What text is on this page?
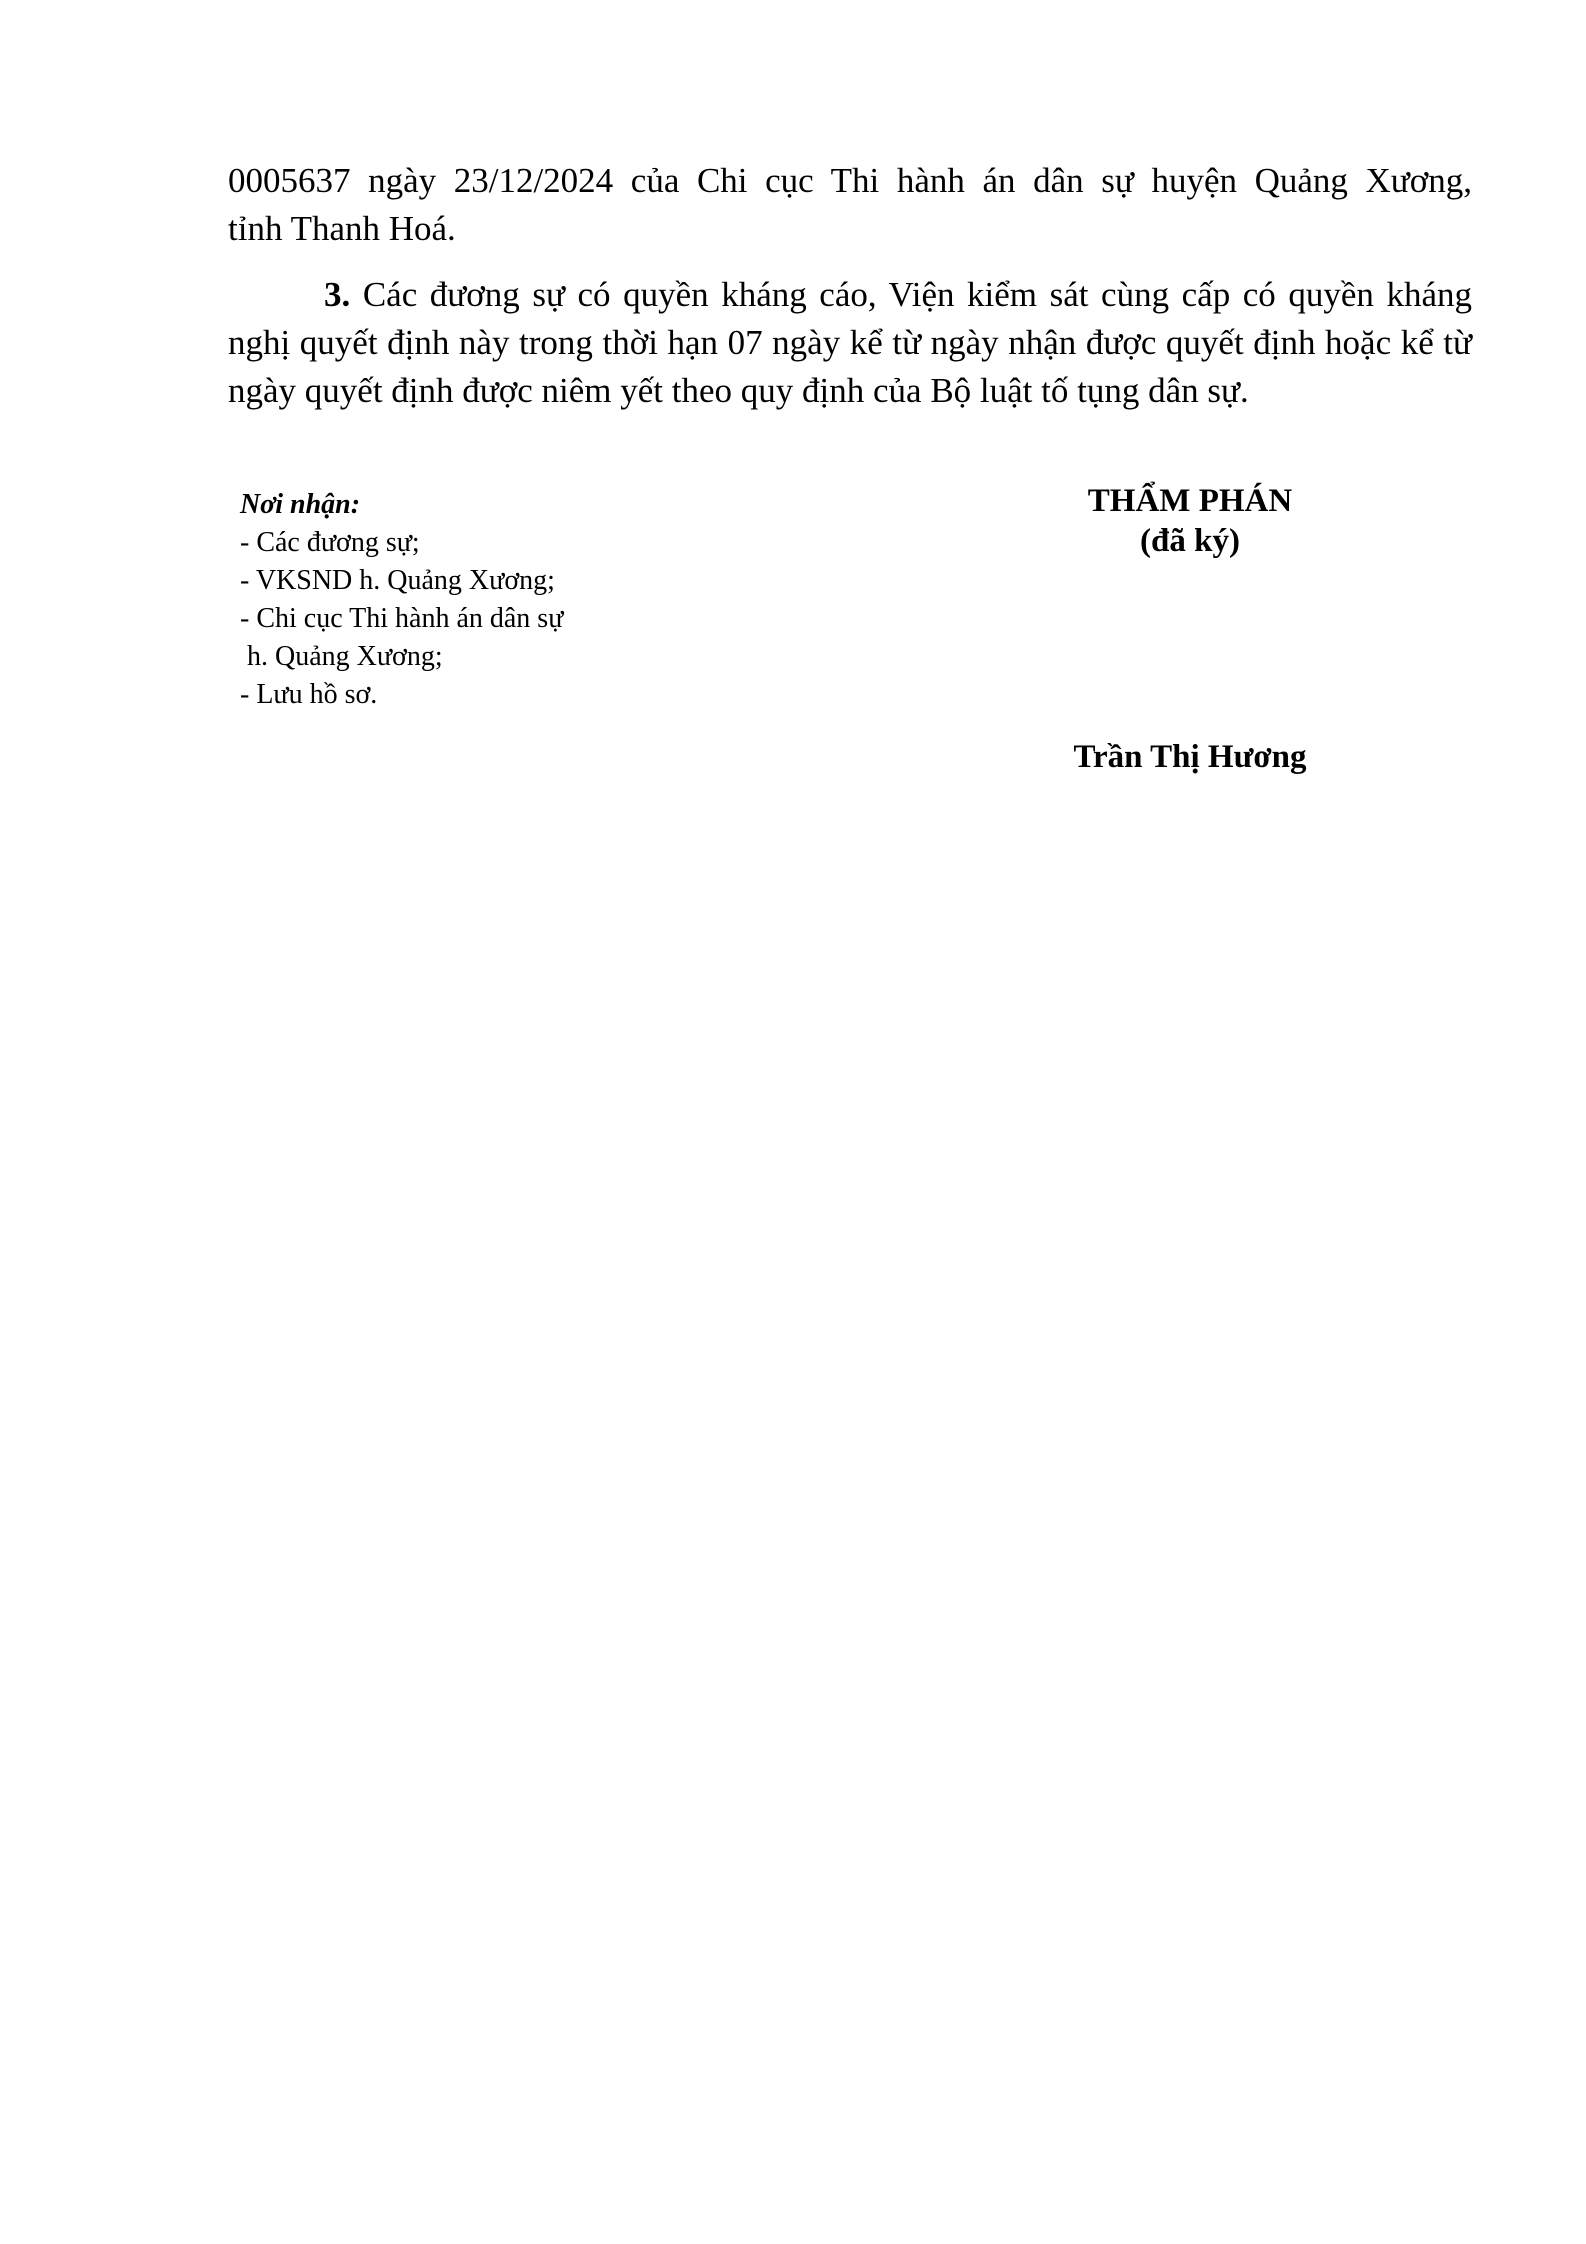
0005637 ngày 23/12/2024 của Chi cục Thi hành án dân sự huyện Quảng Xương,
tỉnh Thanh Hoá.
3. Các đương sự có quyền kháng cáo, Viện kiểm sát cùng cấp có quyền kháng nghị quyết định này trong thời hạn 07 ngày kể từ ngày nhận được quyết định hoặc kể từ ngày quyết định được niêm yết theo quy định của Bộ luật tố tụng dân sự.
Nơi nhận:
- Các đương sự;
- VKSND h. Quảng Xương;
- Chi cục Thi hành án dân sự
h. Quảng Xương;
- Lưu hồ sơ.
THẨM PHÁN
(đã ký)
Trần Thị Hương
